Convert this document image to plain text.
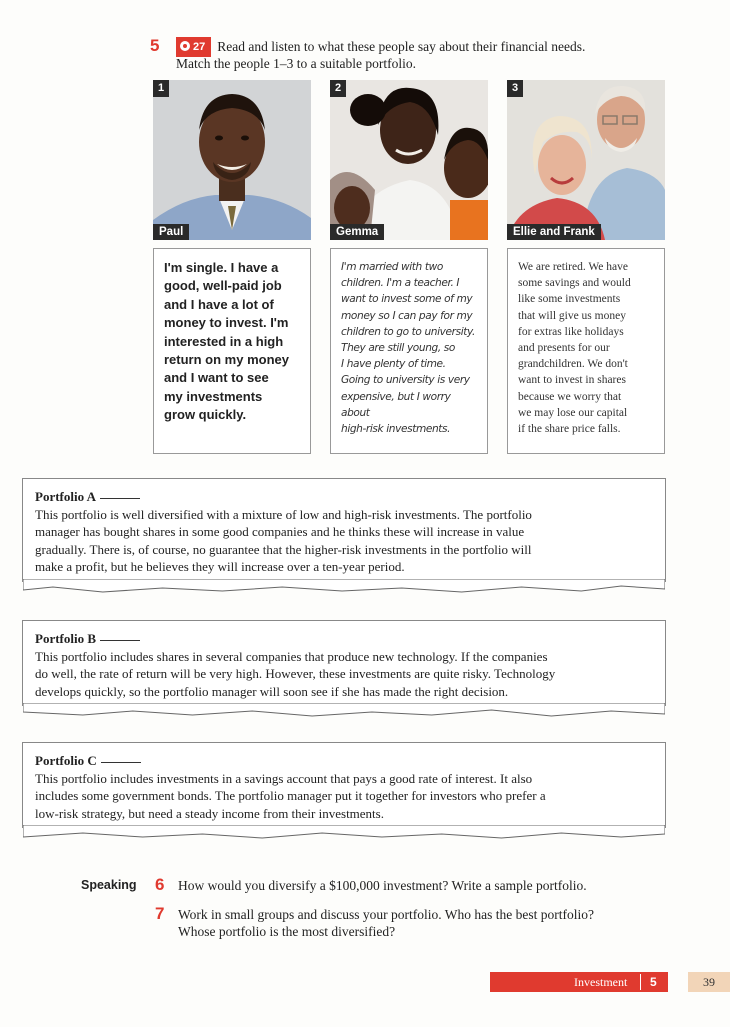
5	27 Read and listen to what these people say about their financial needs.
Match the people 1–3 to a suitable portfolio.
1
Paul
2
Gemma
3
Ellie and Frank
I'm single. I have a
good, well-paid job
and I have a lot of
money to invest. I'm
interested in a high
return on my money
and I want to see
my investments
grow quickly.
I'm married with two
children. I'm a teacher. I
want to invest some of my
money so I can pay for my
children to go to university.
They are still young, so
I have plenty of time.
Going to university is very
expensive, but I worry about
high-risk investments.
We are retired. We have
some savings and would
like some investments
that will give us money
for extras like holidays
and presents for our
grandchildren. We don't
want to invest in shares
because we worry that
we may lose our capital
if the share price falls.
Portfolio A
This portfolio is well diversified with a mixture of low and high-risk investments. The portfolio
manager has bought shares in some good companies and he thinks these will increase in value
gradually. There is, of course, no guarantee that the higher-risk investments in the portfolio will
make a profit, but he believes they will increase over a ten-year period.
Portfolio B
This portfolio includes shares in several companies that produce new technology. If the companies
do well, the rate of return will be very high. However, these investments are quite risky. Technology
develops quickly, so the portfolio manager will soon see if she has made the right decision.
Portfolio C
This portfolio includes investments in a savings account that pays a good rate of interest. It also
includes some government bonds. The portfolio manager put it together for investors who prefer a
low-risk strategy, but need a steady income from their investments.
Speaking 6 How would you diversify a $100,000 investment? Write a sample portfolio.
7 Work in small groups and discuss your portfolio. Who has the best portfolio?
Whose portfolio is the most diversified?
Investment 5	39
